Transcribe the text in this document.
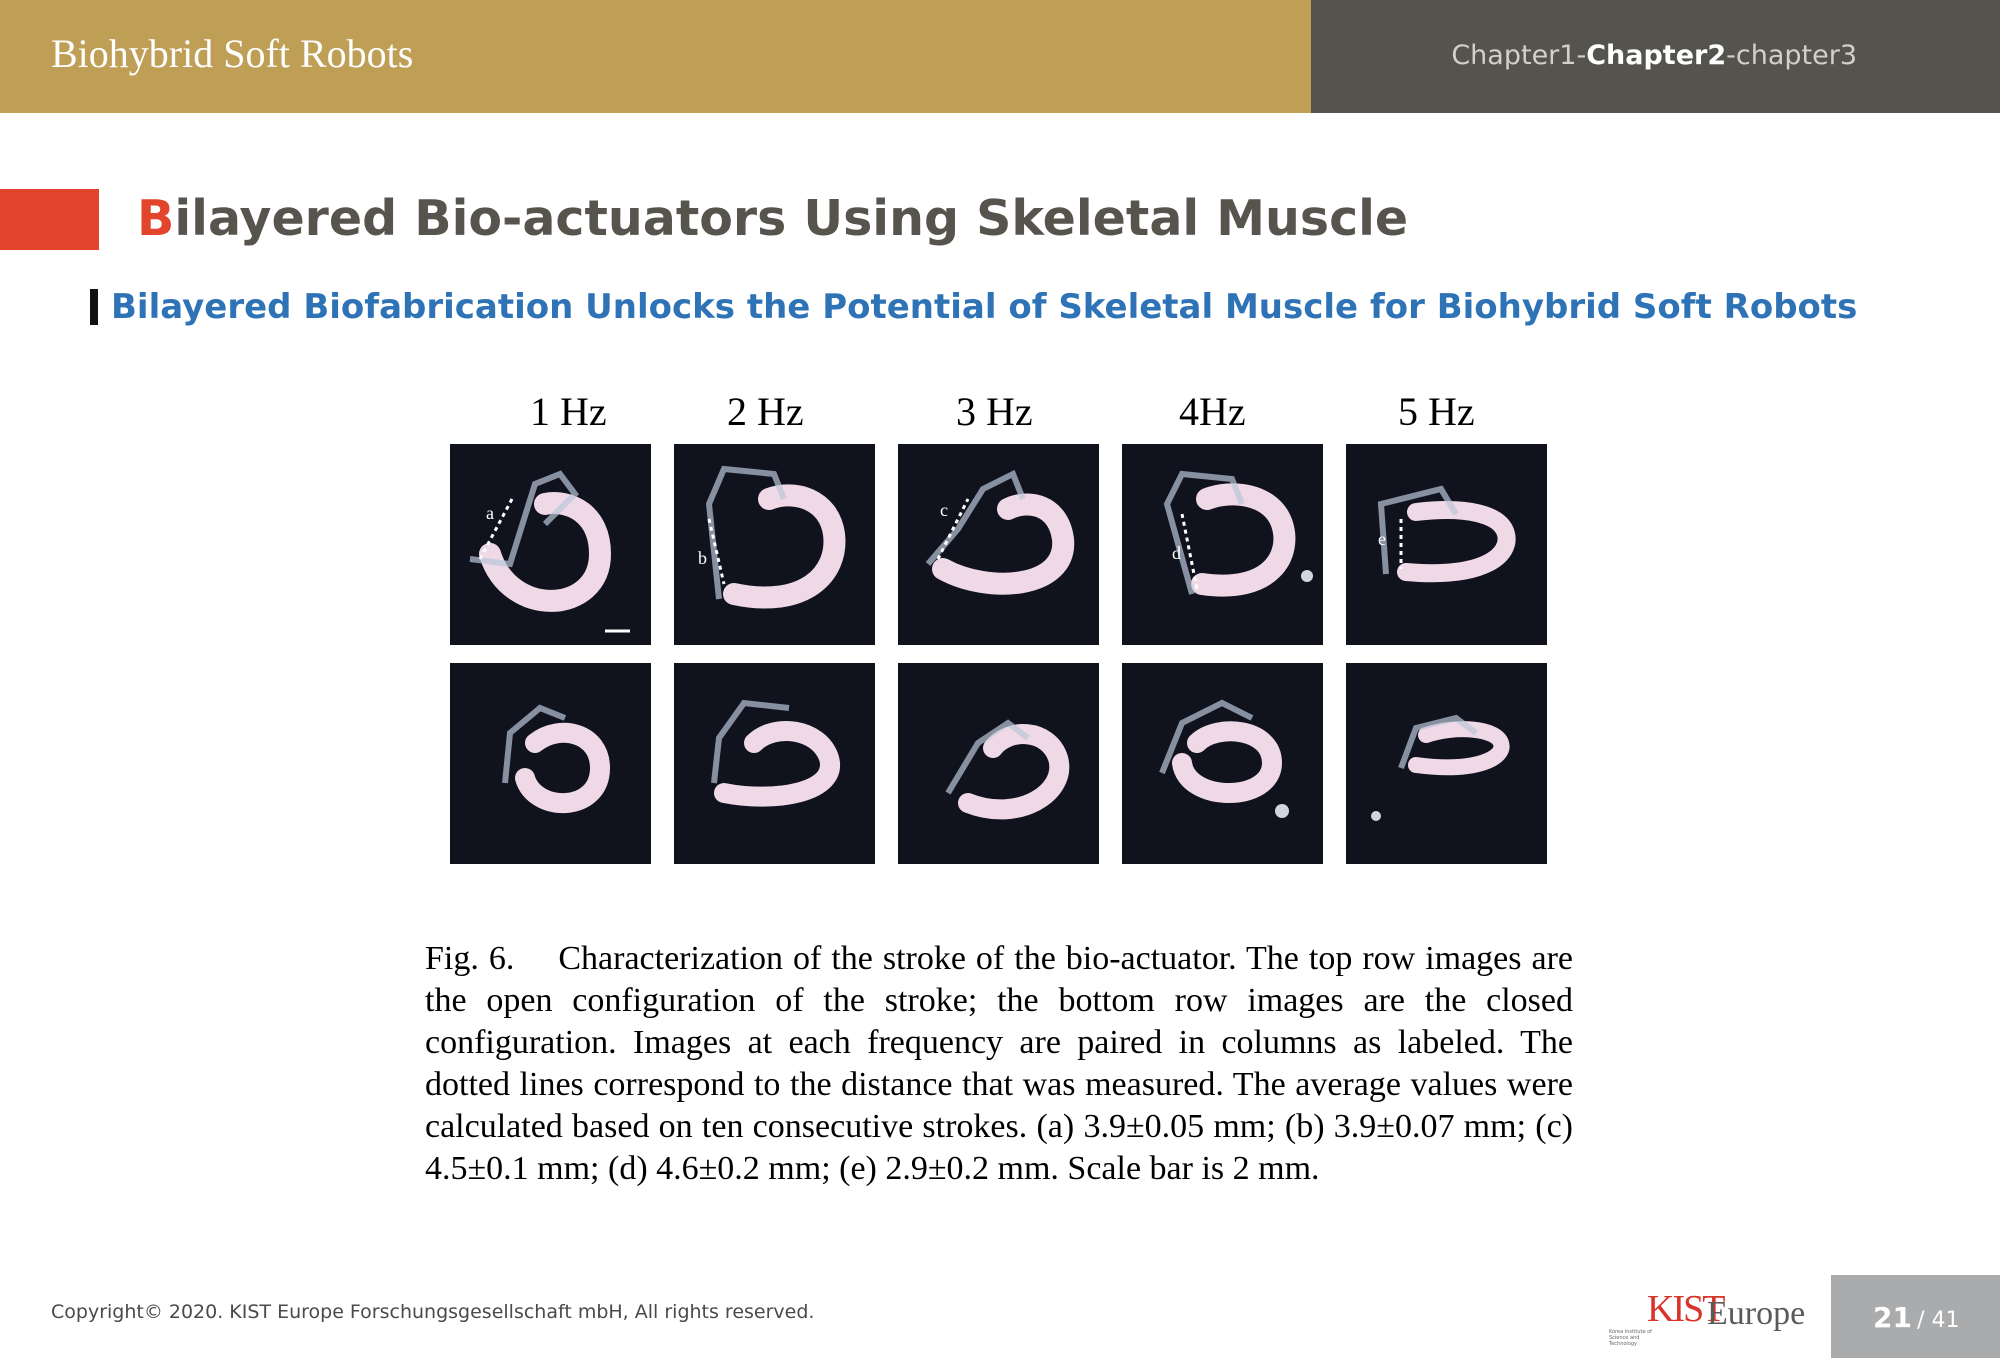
Biohybrid Soft Robots	Chapter1-Chapter2-chapter3
Bilayered Bio-actuators Using Skeletal Muscle
Bilayered Biofabrication Unlocks the Potential of Skeletal Muscle for Biohybrid Soft Robots
1 Hz	2 Hz	3 Hz	4Hz	5 Hz
a
b
c
d
e
Fig. 6. Characterization of the stroke of the bio-actuator. The top row images are the open configuration of the stroke; the bottom row images are the closed configuration. Images at each frequency are paired in columns as labeled. The dotted lines correspond to the distance that was measured. The average values were calculated based on ten consecutive strokes. (a) 3.9±0.05 mm; (b) 3.9±0.07 mm; (c) 4.5±0.1 mm; (d) 4.6±0.2 mm; (e) 2.9±0.2 mm. Scale bar is 2 mm.
Copyright© 2020. KIST Europe Forschungsgesellschaft mbH, All rights reserved.	KIST
Europe
Korea Institute of Science and Technology
21 / 41
